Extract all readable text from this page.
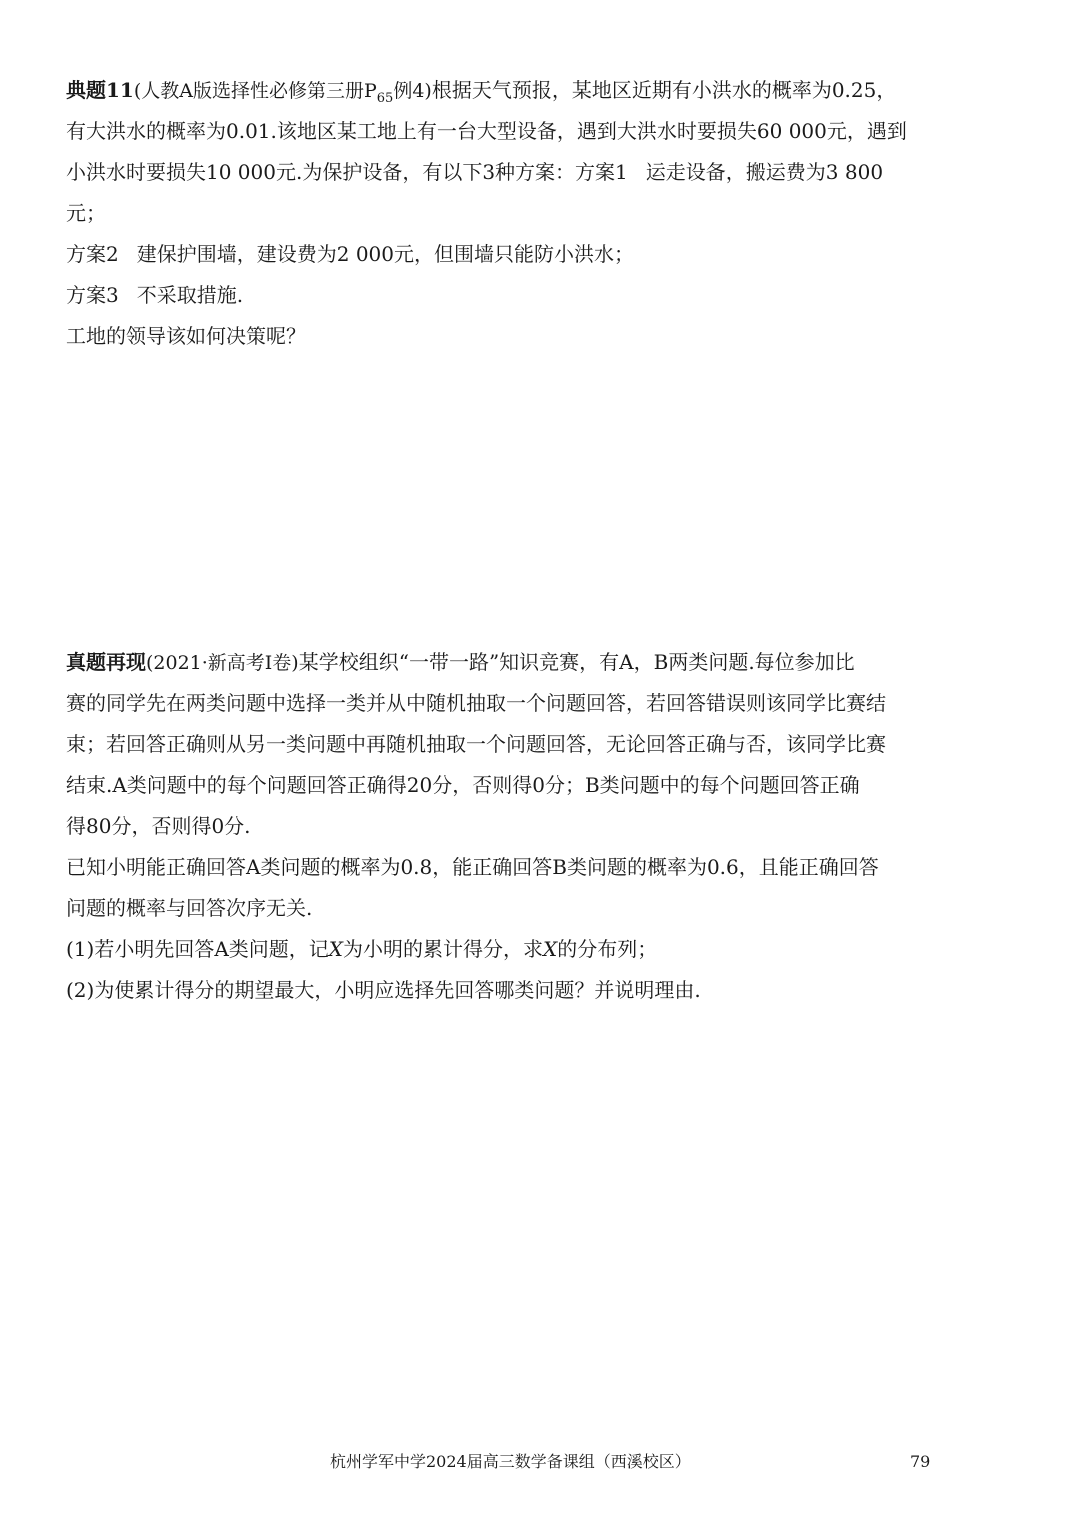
典题11(人教A版选择性必修第三册$P_{65}$例4)根据天气预报，某地区近期有小洪水的概率为0.25，
有大洪水的概率为0.01.该地区某工地上有一台大型设备，遇到大洪水时要损失60 000元，遇到
小洪水时要损失10 000元.为保护设备，有以下3种方案：方案1 运走设备，搬运费为3 800
元；
方案2 建保护围墙，建设费为2 000元，但围墙只能防小洪水；
方案3 不采取措施.
工地的领导该如何决策呢？
真题再现(2021·新高考Ⅰ卷)某学校组织“一带一路”知识竞赛，有A，B两类问题.每位参加比
赛的同学先在两类问题中选择一类并从中随机抽取一个问题回答，若回答错误则该同学比赛结
束；若回答正确则从另一类问题中再随机抽取一个问题回答，无论回答正确与否，该同学比赛
结束.A类问题中的每个问题回答正确得20分，否则得0分；B类问题中的每个问题回答正确
得80分，否则得0分.
已知小明能正确回答A类问题的概率为0.8，能正确回答B类问题的概率为0.6，且能正确回答
问题的概率与回答次序无关.
(1)若小明先回答A类问题，记X为小明的累计得分，求X的分布列；
(2)为使累计得分的期望最大，小明应选择先回答哪类问题？并说明理由.
杭州学军中学2024届高三数学备课组（西溪校区）	79
